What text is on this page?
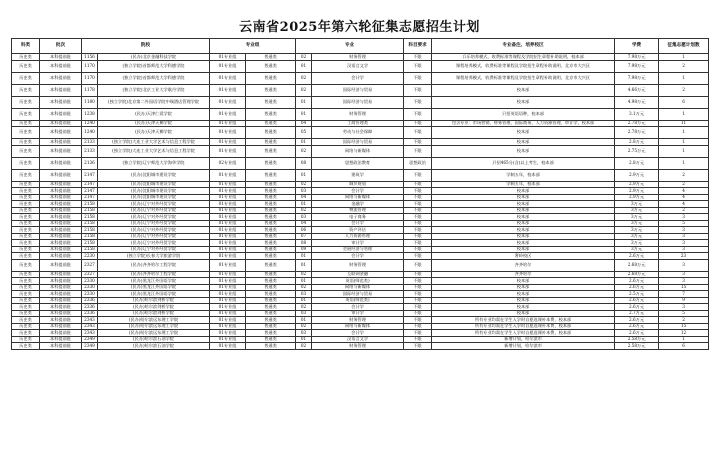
云南省2025年第六轮征集志愿招生计划
科类	批次	院校		专业组		专业		科目要求	专业备注、培养校区	学费	征集志愿计划数
历史类	本科提前批	1156	(民办)北京金融科技学院	01专业组	普通类	02	财务管理	不限	兵乐培养模式，收费标准等课程及学院招生章程补助说明，校本部	7.98万元	1
历史类	本科提前批	1170	(独立学院)首都师范大学科德学院	01专业组	普通类	01	汉语言文学	不限	课程培养模式，收费标准等课程及学院招生章程补助说明，北京市大兴区	7.98万元	2
历史类	本科提前批	1170	(独立学院)首都师范大学科德学院	01专业组	普通类	02	会计学	不限	课程培养模式，收费标准等课程及学院招生章程补助说明，北京市大兴区	7.98万元	1
历史类	本科提前批	1178	(独立学院)北京工业大学耿丹学院	01专业组	普通类	02	国际经济与贸易	不限	校本部	4.66万元	2
历史类	本科提前批	1180	(独立学院)北京第二外国语学院中瑞酒店管理学院	01专业组	普通类	01	国际经济与贸易	不限	校本部	4.98万元	6
历史类	本科提前批	1238	(民办)天津仁爱学院	01专业组	普通类	01	财务管理	不限	只招英语语种，校本部	3.1万元	1
历史类	本科提前批	1240	(民办)天津天狮学院	01专业组	普通类	04	工商管理类	不限	包含专业：市场营销、财务管理、国际商务、人力资源管理、审计学，校本部	2.78万元	11
历史类	本科提前批	1240	(民办)天津天狮学院	01专业组	普通类	05	劳动与社会保障	不限	校本部	2.78万元	1
历史类	本科提前批	2133	(独立学院)大连工业大学艺术与信息工程学院	01专业组	普通类	01	国际经济与贸易	不限	校本部	2.8万元	1
历史类	本科提前批	2133	(独立学院)大连工业大学艺术与信息工程学院	01专业组	普通类	02	网络与新媒体	不限	校本部	2.75万元	1
历史类	本科提前批	2136	(独立学院)辽宁师范大学海华学院	02专业组	普通类	08	思想政治教育	思想政治	只招465分(含)以上考生，校本部	2.8万元	1
历史类	本科提前批	2147	(民办)沈阳城市建设学院	01专业组	普通类	01	建筑学	不限	学制五年，校本部	2.9万元	2
历史类	本科提前批	2147	(民办)沈阳城市建设学院	01专业组	普通类	02	城乡规划	不限	学制五年，校本部	2.9万元	2
历史类	本科提前批	2147	(民办)沈阳城市建设学院	01专业组	普通类	03	会计学	不限	校本部	2.9万元	4
历史类	本科提前批	2147	(民办)沈阳城市建设学院	01专业组	普通类	04	网络与新媒体	不限	校本部	2.9万元	4
历史类	本科提前批	2158	(民办)辽宁对外经贸学院	01专业组	普通类	01	金融学	不限	校本部	3万元	4
历史类	本科提前批	2158	(民办)辽宁对外经贸学院	01专业组	普通类	02	物流管理	不限	校本部	3万元	2
历史类	本科提前批	2158	(民办)辽宁对外经贸学院	01专业组	普通类	03	电子商务	不限	校本部	3万元	3
历史类	本科提前批	2158	(民办)辽宁对外经贸学院	01专业组	普通类	04	会计学	不限	校本部	3万元	5
历史类	本科提前批	2158	(民办)辽宁对外经贸学院	01专业组	普通类	06	资产评估	不限	校本部	3万元	3
历史类	本科提前批	2158	(民办)辽宁对外经贸学院	01专业组	普通类	07	人力资源管理	不限	校本部	3万元	3
历史类	本科提前批	2158	(民办)辽宁对外经贸学院	01专业组	普通类	08	审计学	不限	校本部	3万元	3
历史类	本科提前批	2158	(民办)辽宁对外经贸学院	01专业组	普通类	09	会展经济与管理	不限	校本部	3万元	3
历史类	本科提前批	2230	(独立学院)长春大学旅游学院	01专业组	普通类	01	会计学	不限	奢岭校区	2.6万元	23
历史类	本科提前批	2327	(民办)齐齐哈尔工程学院	01专业组	普通类	01	财务管理	不限	齐齐哈尔	2.68万元	3
历史类	本科提前批	2327	(民办)齐齐哈尔工程学院	01专业组	普通类	02	互联网金融	不限	齐齐哈尔	2.68万元	3
历史类	本科提前批	2330	(民办)黑龙江外国语学院	01专业组	普通类	01	英语(师范类)	不限	校本部	2.6万元	3
历史类	本科提前批	2330	(民办)黑龙江外国语学院	01专业组	普通类	02	网络与新媒体	不限	校本部	2.6万元	15
历史类	本科提前批	2330	(民办)黑龙江外国语学院	01专业组	普通类	03	国际经济与贸易	不限	校本部	2.5万元	7
历史类	本科提前批	2336	(民办)哈尔滨剑桥学院	01专业组	普通类	01	英语(师范类)	不限	校本部	2.6万元	9
历史类	本科提前批	2336	(民办)哈尔滨剑桥学院	01专业组	普通类	02	会计学	不限	校本部	2.6万元	3
历史类	本科提前批	2336	(民办)哈尔滨剑桥学院	01专业组	普通类	03	审计学	不限	校本部	2.7万元	5
历史类	本科提前批	2343	(民办)哈尔滨远东理工学院	01专业组	普通类	01	财务管理	不限	所有专业均需在学生入学时自愿选课补本费，校本部	2.6万元	2
历史类	本科提前批	2343	(民办)哈尔滨远东理工学院	01专业组	普通类	02	网络与新媒体	不限	所有专业均需在学生入学时自愿选课补本费，校本部	2.6万元	15
历史类	本科提前批	2343	(民办)哈尔滨远东理工学院	01专业组	普通类	03	会计学	不限	所有专业均需在学生入学时自愿选课补本费，校本部	2.6万元	12
历史类	本科提前批	2349	(民办)哈尔滨石油学院	01专业组	普通类	01	汉语言文学	不限	新增计划，哈尔滨市	2.58万元	1
历史类	本科提前批	2349	(民办)哈尔滨石油学院	01专业组	普通类	02	财务管理	不限	新增计划，哈尔滨市	2.58万元	6
